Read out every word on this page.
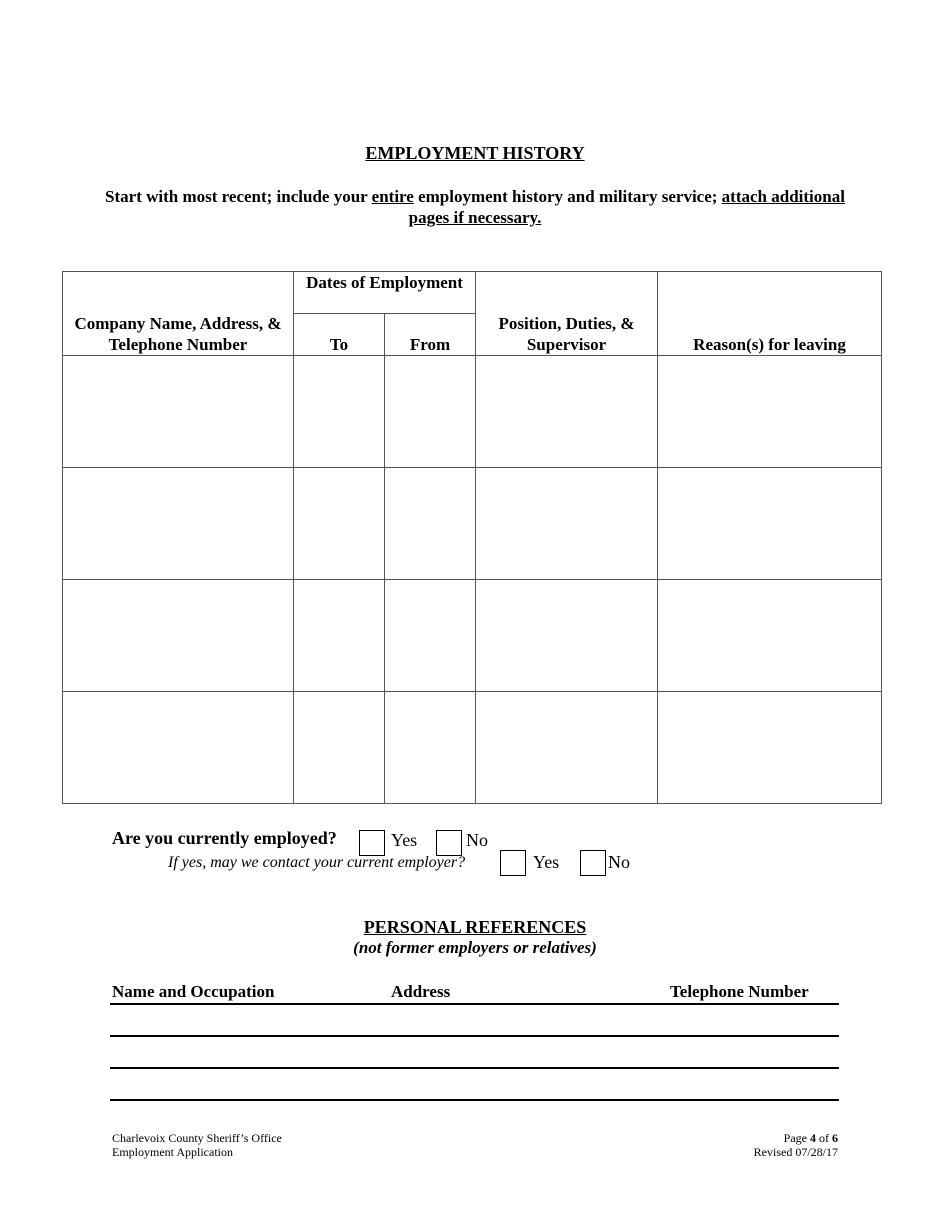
EMPLOYMENT HISTORY
Start with most recent; include your entire employment history and military service; attach additional pages if necessary.
Company Name, Address, & Telephone Number	Dates of Employment		Position, Duties, & Supervisor	Reason(s) for leaving
	To	From		

Are you currently employed?	Yes	No
If yes, may we contact your current employer?	Yes	No
PERSONAL REFERENCES
(not former employers or relatives)
Name and Occupation	Address	Telephone Number
Charlevoix County Sheriff’s Office
Employment Application
Page 4 of 6
Revised 07/28/17
